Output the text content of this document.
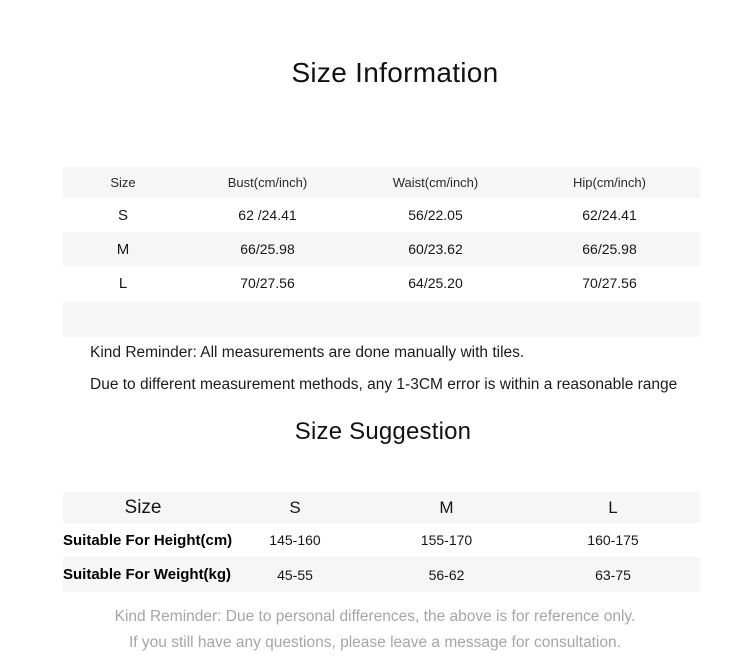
Size Information
Size	Bust(cm/inch)	Waist(cm/inch)	Hip(cm/inch)
S	62 /24.41	56/22.05	62/24.41
M	66/25.98	60/23.62	66/25.98
L	70/27.56	64/25.20	70/27.56
Kind Reminder: All measurements are done manually with tiles.
Due to different measurement methods, any 1-3CM error is within a reasonable range
Size Suggestion
Size	S	M	L
Suitable For Height(cm)	145-160	155-170	160-175
Suitable For Weight(kg)	45-55	56-62	63-75
Kind Reminder: Due to personal differences, the above is for reference only.
If you still have any questions, please leave a message for consultation.
